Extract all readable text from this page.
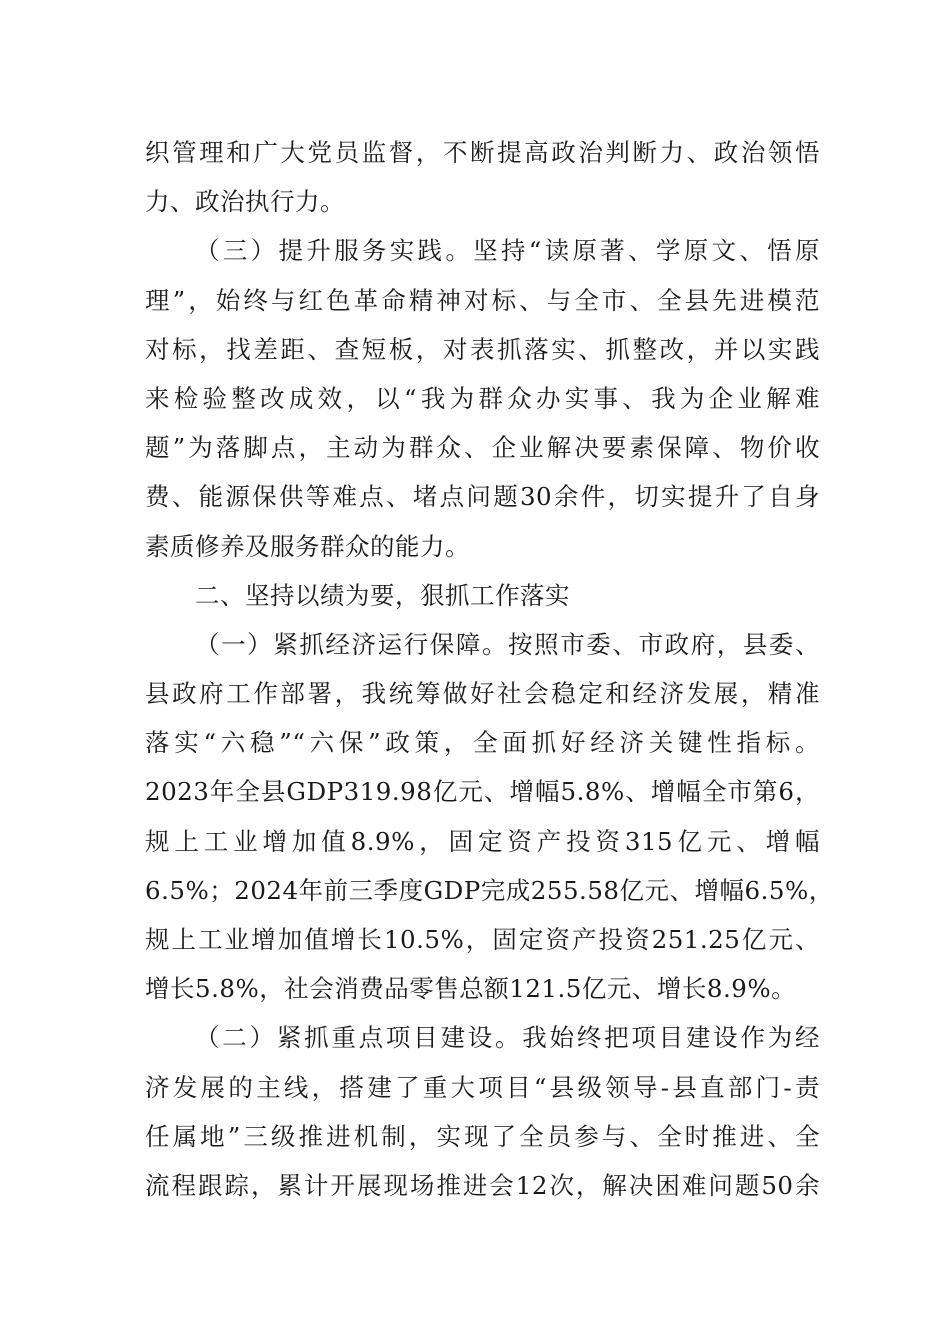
织管理和广大党员监督，不断提高政治判断力、政治领悟
力、政治执行力。
（三）提升服务实践。坚持“读原著、学原文、悟原
理”，始终与红色革命精神对标、与全市、全县先进模范
对标，找差距、查短板，对表抓落实、抓整改，并以实践
来检验整改成效，以“我为群众办实事、我为企业解难
题”为落脚点，主动为群众、企业解决要素保障、物价收
费、能源保供等难点、堵点问题30余件，切实提升了自身
素质修养及服务群众的能力。
二、坚持以绩为要，狠抓工作落实
（一）紧抓经济运行保障。按照市委、市政府，县委、
县政府工作部署，我统筹做好社会稳定和经济发展，精准
落实“六稳”“六保”政策，全面抓好经济关键性指标。
2023年全县GDP319.98亿元、增幅5.8%、增幅全市第6，
规上工业增加值8.9%，固定资产投资315亿元、增幅
6.5%；2024年前三季度GDP完成255.58亿元、增幅6.5%，
规上工业增加值增长10.5%，固定资产投资251.25亿元、
增长5.8%，社会消费品零售总额121.5亿元、增长8.9%。
（二）紧抓重点项目建设。我始终把项目建设作为经
济发展的主线，搭建了重大项目“县级领导-县直部门-责
任属地”三级推进机制，实现了全员参与、全时推进、全
流程跟踪，累计开展现场推进会12次，解决困难问题50余
